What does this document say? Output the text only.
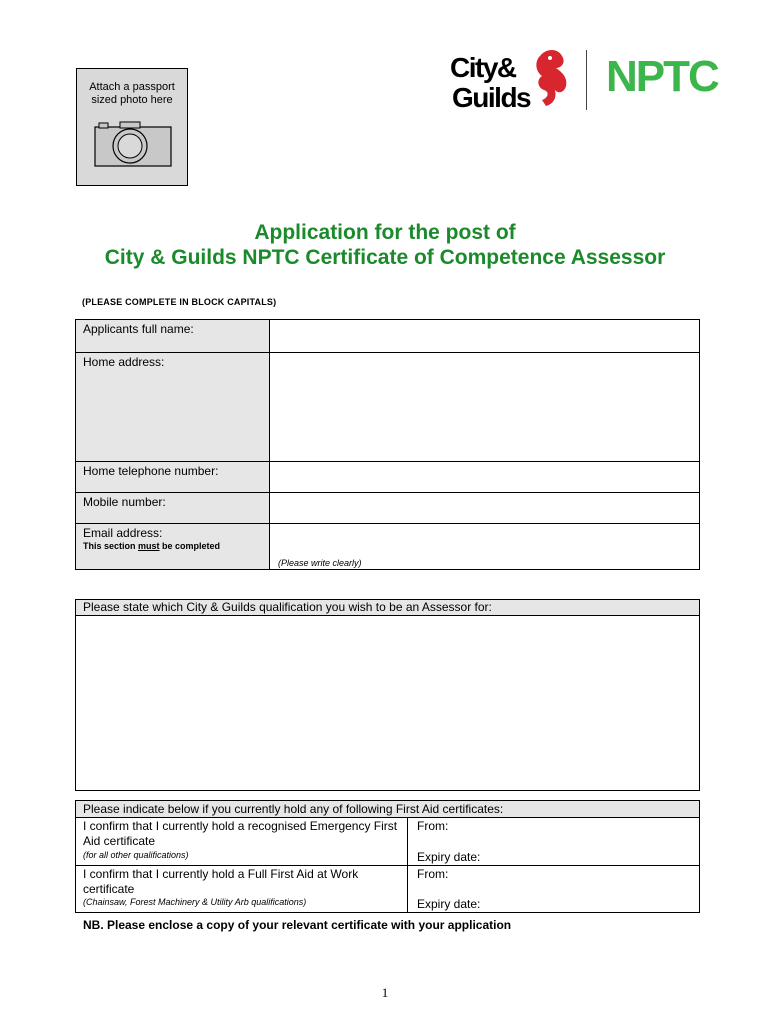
Attach a passport
sized photo here
City&
Guilds NPTC
Application for the post of
City & Guilds NPTC Certificate of Competence Assessor
(PLEASE COMPLETE IN BLOCK CAPITALS)
Applicants full name:
Home address:
Home telephone number:
Mobile number:
Email address:
This section must be completed
(Please write clearly)
Please state which City & Guilds qualification you wish to be an Assessor for:
Please indicate below if you currently hold any of following First Aid certificates:
I confirm that I currently hold a recognised Emergency First Aid certificate
(for all other qualifications)
From:
Expiry date:
I confirm that I currently hold a Full First Aid at Work certificate
(Chainsaw, Forest Machinery & Utility Arb qualifications)
From:
Expiry date:
NB. Please enclose a copy of your relevant certificate with your application
1
